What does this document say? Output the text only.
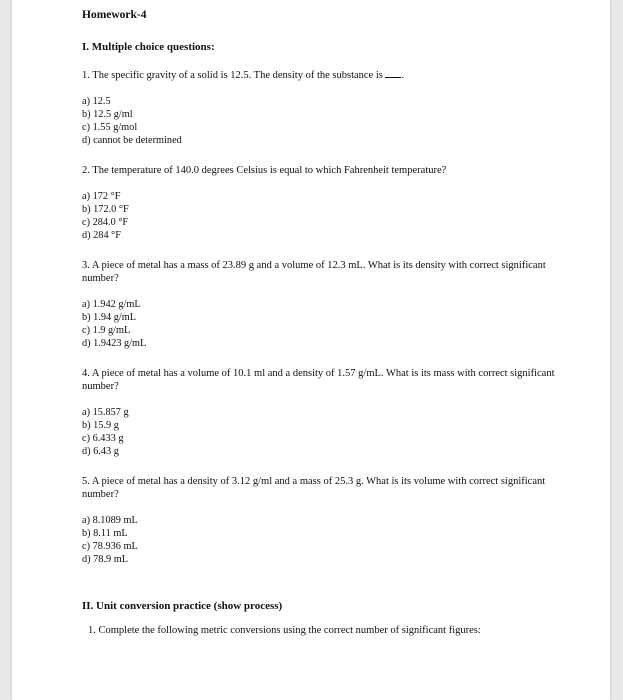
Homework-4
I. Multiple choice questions:
1. The specific gravity of a solid is 12.5. The density of the substance is .
a) 12.5
b) 12.5 g/ml
c) 1.55 g/mol
d) cannot be determined
2. The temperature of 140.0 degrees Celsius is equal to which Fahrenheit temperature?
a) 172 °F
b) 172.0 °F
c) 284.0 °F
d) 284 °F
3. A piece of metal has a mass of 23.89 g and a volume of 12.3 mL. What is its density with correct significant number?
a) 1.942 g/mL
b) 1.94 g/mL
c) 1.9 g/mL
d) 1.9423 g/mL
4. A piece of metal has a volume of 10.1 ml and a density of 1.57 g/mL. What is its mass with correct significant number?
a) 15.857 g
b) 15.9 g
c) 6.433 g
d) 6.43 g
5. A piece of metal has a density of 3.12 g/ml and a mass of 25.3 g. What is its volume with correct significant number?
a) 8.1089 mL
b) 8.11 mL
c) 78.936 mL
d) 78.9 mL
II. Unit conversion practice (show process)
1. Complete the following metric conversions using the correct number of significant figures:
